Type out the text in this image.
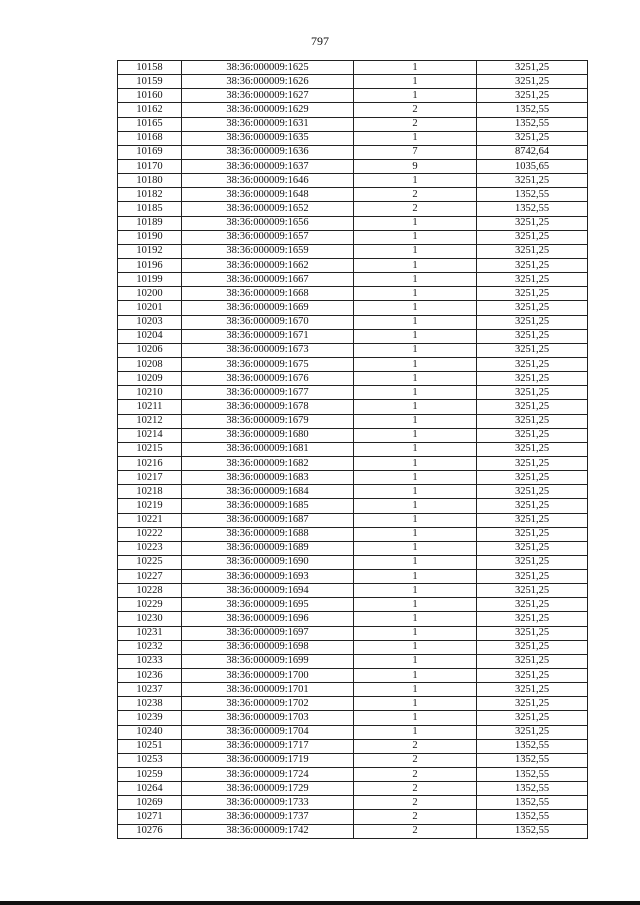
797
10158	38:36:000009:1625	1	3251,25
10159	38:36:000009:1626	1	3251,25
10160	38:36:000009:1627	1	3251,25
10162	38:36:000009:1629	2	1352,55
10165	38:36:000009:1631	2	1352,55
10168	38:36:000009:1635	1	3251,25
10169	38:36:000009:1636	7	8742,64
10170	38:36:000009:1637	9	1035,65
10180	38:36:000009:1646	1	3251,25
10182	38:36:000009:1648	2	1352,55
10185	38:36:000009:1652	2	1352,55
10189	38:36:000009:1656	1	3251,25
10190	38:36:000009:1657	1	3251,25
10192	38:36:000009:1659	1	3251,25
10196	38:36:000009:1662	1	3251,25
10199	38:36:000009:1667	1	3251,25
10200	38:36:000009:1668	1	3251,25
10201	38:36:000009:1669	1	3251,25
10203	38:36:000009:1670	1	3251,25
10204	38:36:000009:1671	1	3251,25
10206	38:36:000009:1673	1	3251,25
10208	38:36:000009:1675	1	3251,25
10209	38:36:000009:1676	1	3251,25
10210	38:36:000009:1677	1	3251,25
10211	38:36:000009:1678	1	3251,25
10212	38:36:000009:1679	1	3251,25
10214	38:36:000009:1680	1	3251,25
10215	38:36:000009:1681	1	3251,25
10216	38:36:000009:1682	1	3251,25
10217	38:36:000009:1683	1	3251,25
10218	38:36:000009:1684	1	3251,25
10219	38:36:000009:1685	1	3251,25
10221	38:36:000009:1687	1	3251,25
10222	38:36:000009:1688	1	3251,25
10223	38:36:000009:1689	1	3251,25
10225	38:36:000009:1690	1	3251,25
10227	38:36:000009:1693	1	3251,25
10228	38:36:000009:1694	1	3251,25
10229	38:36:000009:1695	1	3251,25
10230	38:36:000009:1696	1	3251,25
10231	38:36:000009:1697	1	3251,25
10232	38:36:000009:1698	1	3251,25
10233	38:36:000009:1699	1	3251,25
10236	38:36:000009:1700	1	3251,25
10237	38:36:000009:1701	1	3251,25
10238	38:36:000009:1702	1	3251,25
10239	38:36:000009:1703	1	3251,25
10240	38:36:000009:1704	1	3251,25
10251	38:36:000009:1717	2	1352,55
10253	38:36:000009:1719	2	1352,55
10259	38:36:000009:1724	2	1352,55
10264	38:36:000009:1729	2	1352,55
10269	38:36:000009:1733	2	1352,55
10271	38:36:000009:1737	2	1352,55
10276	38:36:000009:1742	2	1352,55
